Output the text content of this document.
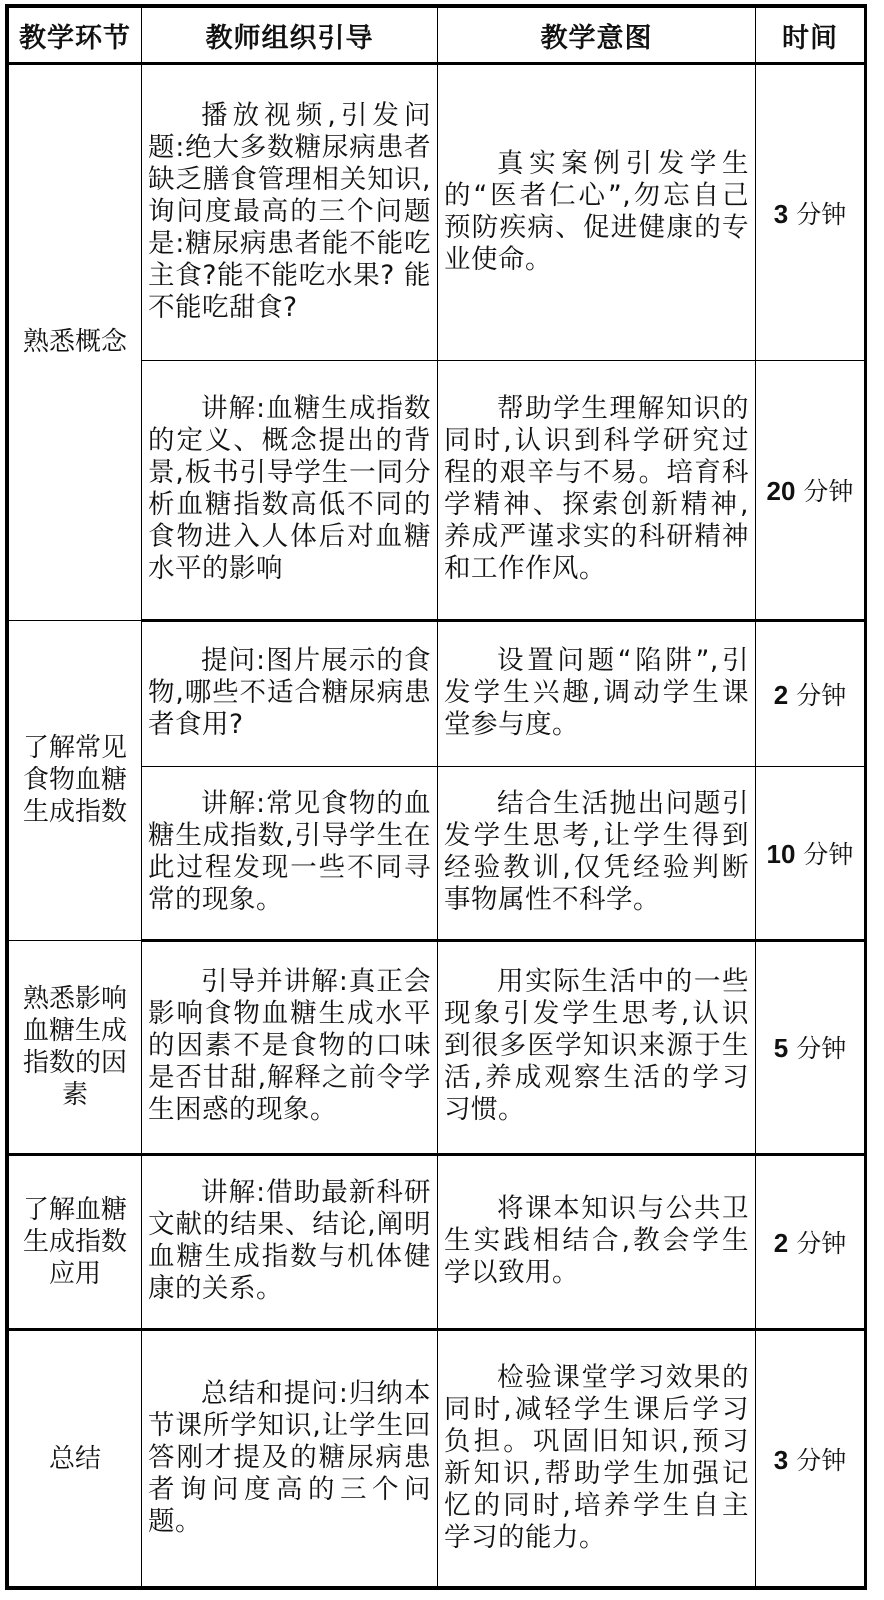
教学环节	教师组织引导	教学意图	时间
熟悉概念	播放视频,引发问题:绝大多数糖尿病患者缺乏膳食管理相关知识,询问度最高的三个问题是:糖尿病患者能不能吃主食?能不能吃水果? 能不能吃甜食?	真实案例引发学生的“医者仁心”,勿忘自己预防疾病、促进健康的专业使命。	3 分钟
	讲解:血糖生成指数的定义、概念提出的背景,板书引导学生一同分析血糖指数高低不同的食物进入人体后对血糖水平的影响	帮助学生理解知识的同时,认识到科学研究过程的艰辛与不易。培育科学精神、探索创新精神,养成严谨求实的科研精神和工作作风。	20 分钟
了解常见食物血糖生成指数	提问:图片展示的食物,哪些不适合糖尿病患者食用?	设置问题“陷阱”,引发学生兴趣,调动学生课堂参与度。	2 分钟
	讲解:常见食物的血糖生成指数,引导学生在此过程发现一些不同寻常的现象。	结合生活抛出问题引发学生思考,让学生得到经验教训,仅凭经验判断事物属性不科学。	10 分钟
熟悉影响血糖生成指数的因素	引导并讲解:真正会影响食物血糖生成水平的因素不是食物的口味是否甘甜,解释之前令学生困惑的现象。	用实际生活中的一些现象引发学生思考,认识到很多医学知识来源于生活,养成观察生活的学习习惯。	5 分钟
了解血糖生成指数应用	讲解:借助最新科研文献的结果、结论,阐明血糖生成指数与机体健康的关系。	将课本知识与公共卫生实践相结合,教会学生学以致用。	2 分钟
总结	总结和提问:归纳本节课所学知识,让学生回答刚才提及的糖尿病患者询问度高的三个问题。	检验课堂学习效果的同时,减轻学生课后学习负担。巩固旧知识,预习新知识,帮助学生加强记忆的同时,培养学生自主学习的能力。	3 分钟
